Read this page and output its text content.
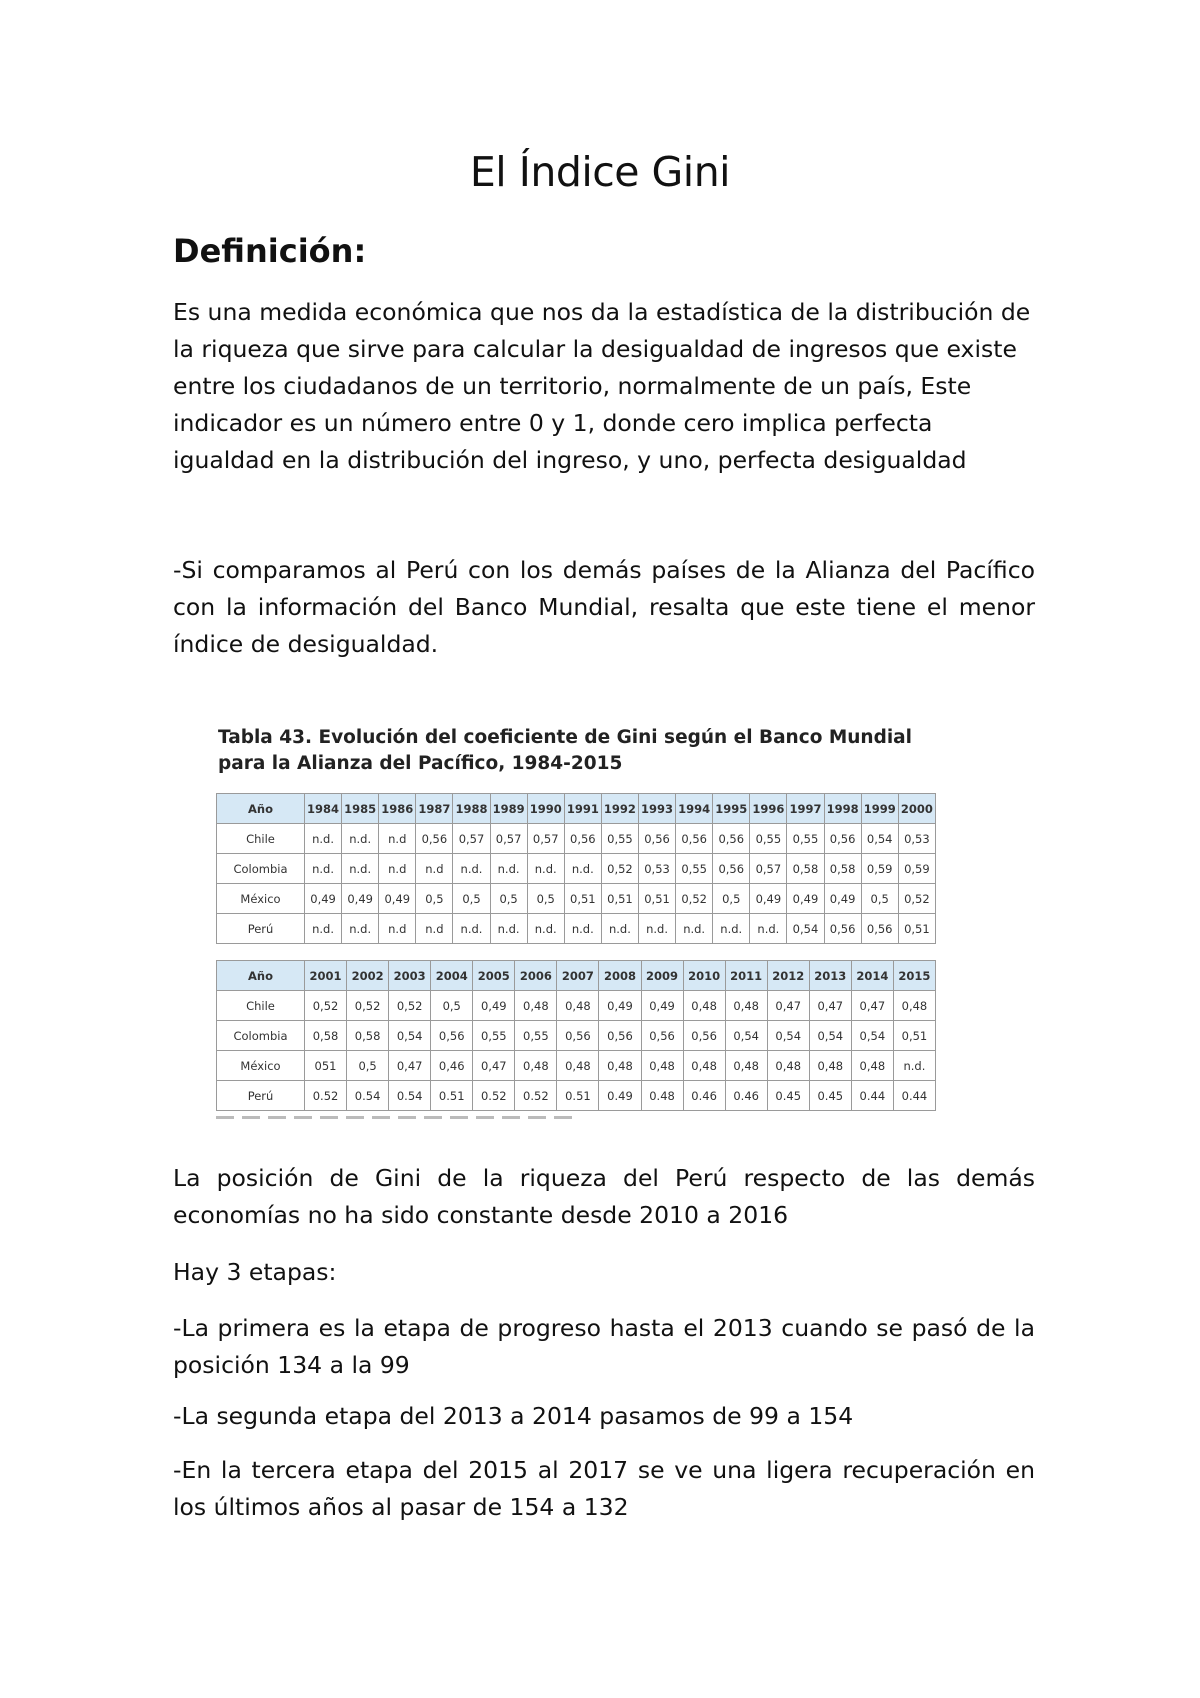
El Índice Gini
Definición:

Es una medida económica que nos da la estadística de la distribución de la riqueza que sirve para calcular la desigualdad de ingresos que existe entre los ciudadanos de un territorio, normalmente de un país, Este indicador es un número entre 0 y 1, donde cero implica perfecta igualdad en la distribución del ingreso, y uno, perfecta desigualdad

-Si comparamos al Perú con los demás países de la Alianza del Pacífico con la información del Banco Mundial, resalta que este tiene el menor índice de desigualdad.

Tabla 43. Evolución del coeficiente de Gini según el Banco Mundial para la Alianza del Pacífico, 1984-2015

Año	1984	1985	1986	1987	1988	1989	1990	1991	1992	1993	1994	1995	1996	1997	1998	1999	2000
Chile	n.d.	n.d.	n.d	0,56	0,57	0,57	0,57	0,56	0,55	0,56	0,56	0,56	0,55	0,55	0,56	0,54	0,53
Colombia	n.d.	n.d.	n.d	n.d	n.d.	n.d.	n.d.	n.d.	0,52	0,53	0,55	0,56	0,57	0,58	0,58	0,59	0,59
México	0,49	0,49	0,49	0,5	0,5	0,5	0,5	0,51	0,51	0,51	0,52	0,5	0,49	0,49	0,49	0,5	0,52
Perú	n.d.	n.d.	n.d	n.d	n.d.	n.d.	n.d.	n.d.	n.d.	n.d.	n.d.	n.d.	n.d.	0,54	0,56	0,56	0,51
Año	2001	2002	2003	2004	2005	2006	2007	2008	2009	2010	2011	2012	2013	2014	2015
Chile	0,52	0,52	0,52	0,5	0,49	0,48	0,48	0,49	0,49	0,48	0,48	0,47	0,47	0,47	0,48
Colombia	0,58	0,58	0,54	0,56	0,55	0,55	0,56	0,56	0,56	0,56	0,54	0,54	0,54	0,54	0,51
México	051	0,5	0,47	0,46	0,47	0,48	0,48	0,48	0,48	0,48	0,48	0,48	0,48	0,48	n.d.
Perú	0.52	0.54	0.54	0.51	0.52	0.52	0.51	0.49	0.48	0.46	0.46	0.45	0.45	0.44	0.44

La posición de Gini de la riqueza del Perú respecto de las demás economías no ha sido constante desde 2010 a 2016

Hay 3 etapas:

-La primera es la etapa de progreso hasta el 2013 cuando se pasó de la posición 134 a la 99

-La segunda etapa del 2013 a 2014 pasamos de 99 a 154

-En la tercera etapa del 2015 al 2017 se ve una ligera recuperación en los últimos años al pasar de 154 a 132
